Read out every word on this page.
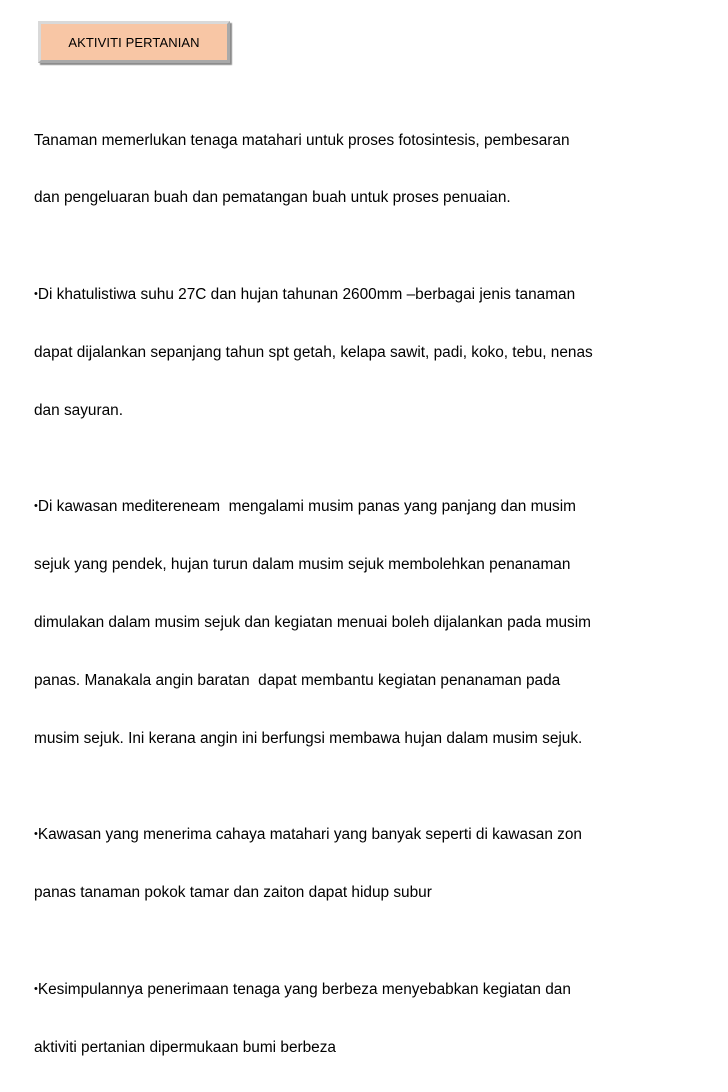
AKTIVITI PERTANIAN

Tanaman memerlukan tenaga matahari untuk proses fotosintesis, pembesaran

dan pengeluaran buah dan pematangan buah untuk proses penuaian.

•Di khatulistiwa suhu 27C dan hujan tahunan 2600mm –berbagai jenis tanaman

dapat dijalankan sepanjang tahun spt getah, kelapa sawit, padi, koko, tebu, nenas

dan sayuran.

•Di kawasan meditereneam  mengalami musim panas yang panjang dan musim

sejuk yang pendek, hujan turun dalam musim sejuk membolehkan penanaman

dimulakan dalam musim sejuk dan kegiatan menuai boleh dijalankan pada musim

panas. Manakala angin baratan  dapat membantu kegiatan penanaman pada

musim sejuk. Ini kerana angin ini berfungsi membawa hujan dalam musim sejuk.

•Kawasan yang menerima cahaya matahari yang banyak seperti di kawasan zon

panas tanaman pokok tamar dan zaiton dapat hidup subur

•Kesimpulannya penerimaan tenaga yang berbeza menyebabkan kegiatan dan

aktiviti pertanian dipermukaan bumi berbeza
